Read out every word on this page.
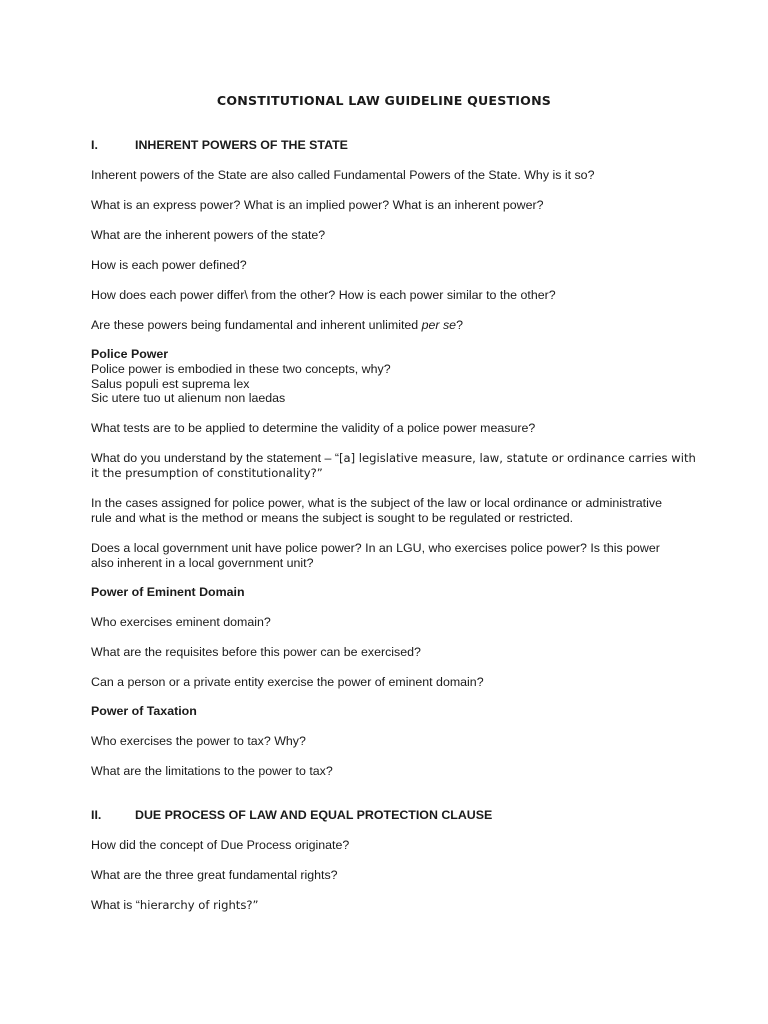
CONSTITUTIONAL LAW GUIDELINE QUESTIONS
I.	INHERENT POWERS OF THE STATE
Inherent powers of the State are also called Fundamental Powers of the State. Why is it so?
What is an express power? What is an implied power? What is an inherent power?
What are the inherent powers of the state?
How is each power defined?
How does each power differ\ from the other? How is each power similar to the other?
Are these powers being fundamental and inherent unlimited per se?
Police Power
Police power is embodied in these two concepts, why?
Salus populi est suprema lex
Sic utere tuo ut alienum non laedas
What tests are to be applied to determine the validity of a police power measure?
What do you understand by the statement – “[a] legislative measure, law, statute or ordinance carries with
it the presumption of constitutionality?”
In the cases assigned for police power, what is the subject of the law or local ordinance or administrative
rule and what is the method or means the subject is sought to be regulated or restricted.
Does a local government unit have police power? In an LGU, who exercises police power? Is this power
also inherent in a local government unit?
Power of Eminent Domain
Who exercises eminent domain?
What are the requisites before this power can be exercised?
Can a person or a private entity exercise the power of eminent domain?
Power of Taxation
Who exercises the power to tax? Why?
What are the limitations to the power to tax?
II.	DUE PROCESS OF LAW AND EQUAL PROTECTION CLAUSE
How did the concept of Due Process originate?
What are the three great fundamental rights?
What is “hierarchy of rights?”
